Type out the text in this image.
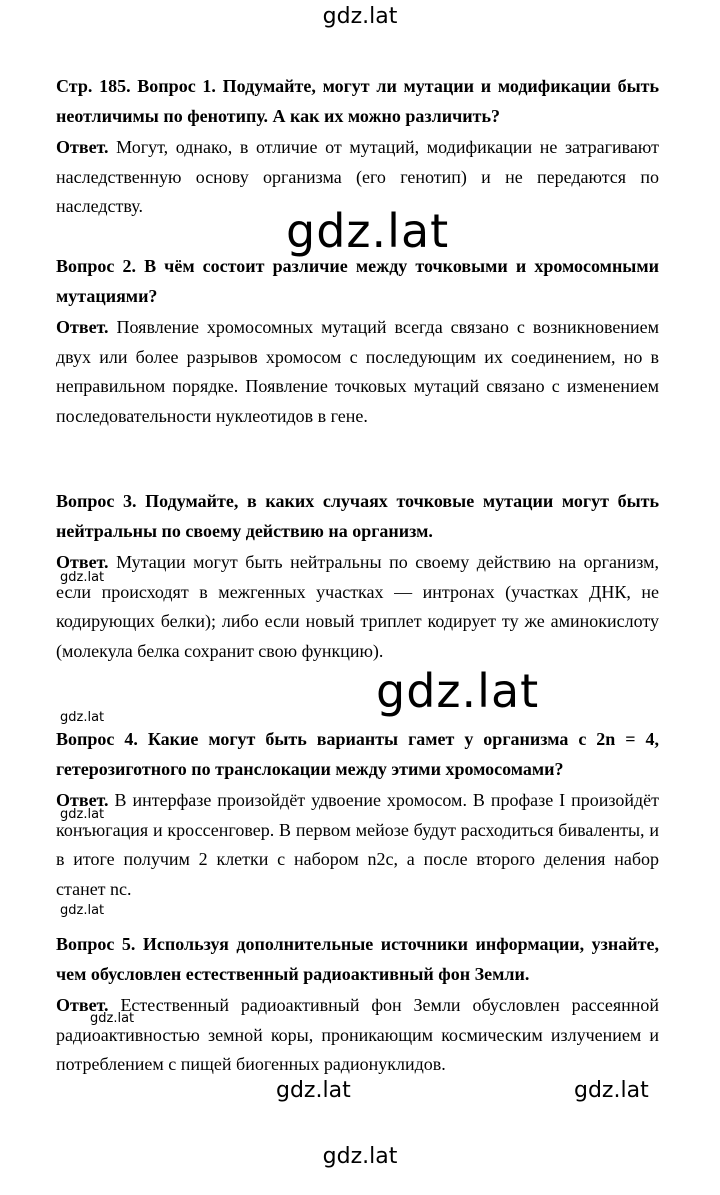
gdz.lat

Стр. 185. Вопрос 1. Подумайте, могут ли мутации и модификации быть неотличимы по фенотипу. А как их можно различить?

Ответ. Могут, однако, в отличие от мутаций, модификации не затрагивают наследственную основу организма (его генотип) и не передаются по наследству.

Вопрос 2. В чём состоит различие между точковыми и хромосомными мутациями?

Ответ. Появление хромосомных мутаций всегда связано с возникновением двух или более разрывов хромосом с последующим их соединением, но в неправильном порядке. Появление точковых мутаций связано с изменением последовательности нуклеотидов в гене.

Вопрос 3. Подумайте, в каких случаях точковые мутации могут быть нейтральны по своему действию на организм.

Ответ. Мутации могут быть нейтральны по своему действию на организм, если происходят в межгенных участках — интронах (участках ДНК, не кодирующих белки); либо если новый триплет кодирует ту же аминокислоту (молекула белка сохранит свою функцию).

Вопрос 4. Какие могут быть варианты гамет у организма с 2n = 4, гетерозиготного по транслокации между этими хромосомами?

Ответ. В интерфазе произойдёт удвоение хромосом. В профазе I произойдёт конъюгация и кроссенговер. В первом мейозе будут расходиться биваленты, и в итоге получим 2 клетки с набором n2c, а после второго деления набор станет nc.

Вопрос 5. Используя дополнительные источники информации, узнайте, чем обусловлен естественный радиоактивный фон Земли.

Ответ. Естественный радиоактивный фон Земли обусловлен рассеянной радиоактивностью земной коры, проникающим космическим излучением и потреблением с пищей биогенных радионуклидов.

gdz.lat
gdz.lat
gdz.lat
gdz.lat
gdz.lat
gdz.lat
gdz.lat
gdz.lat	gdz.lat
gdz.lat
